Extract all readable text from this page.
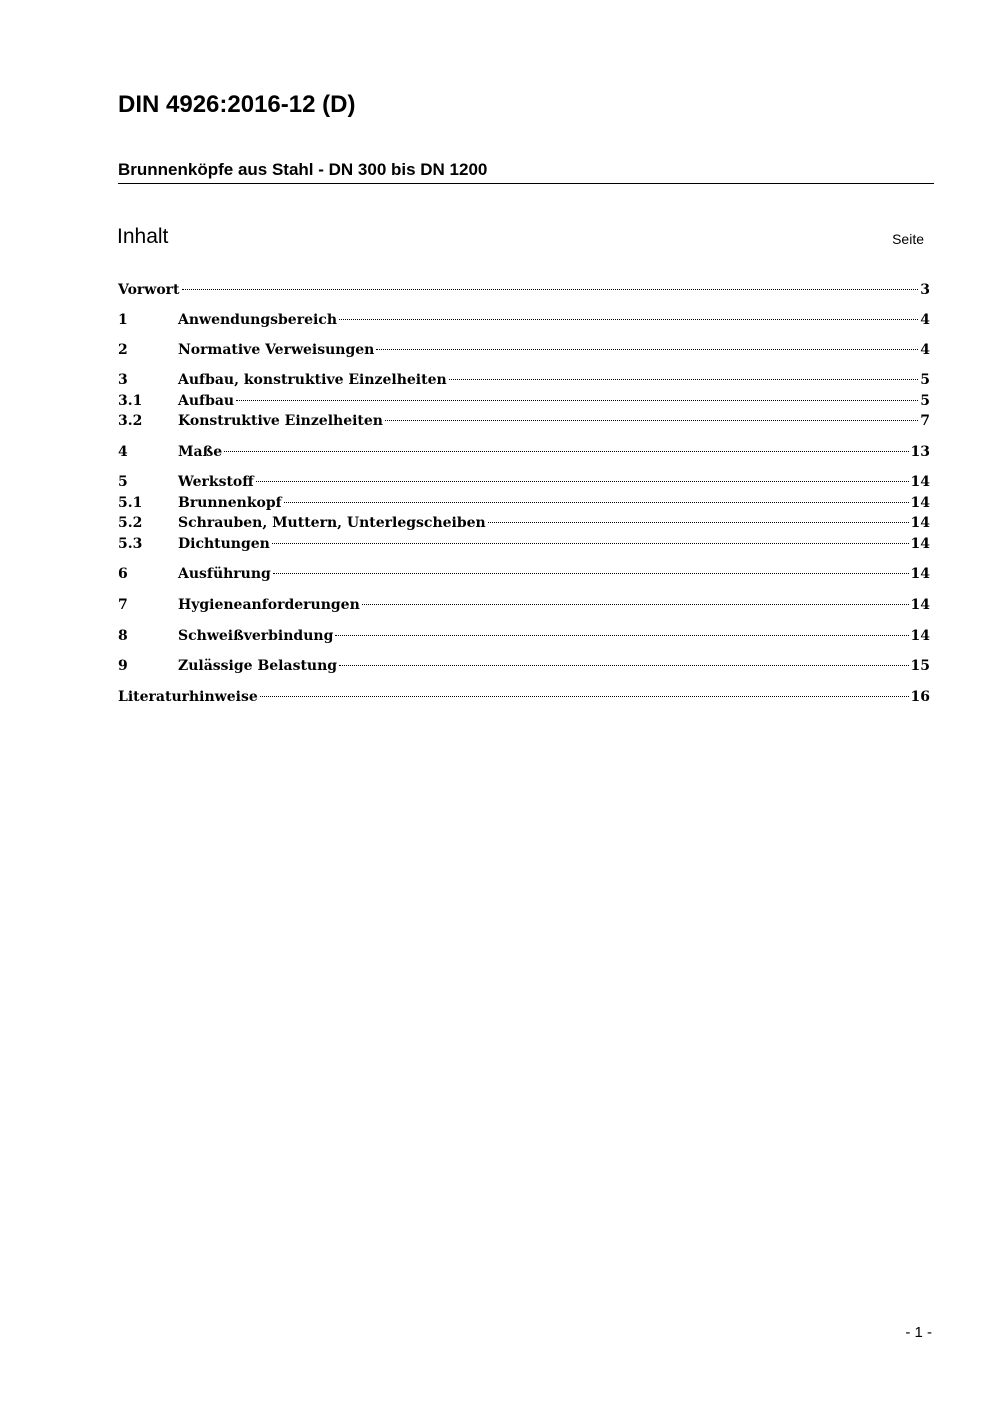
DIN 4926:2016-12 (D)
Brunnenköpfe aus Stahl - DN 300 bis DN 1200
Inhalt	Seite
Vorwort	3
1	Anwendungsbereich	4
2	Normative Verweisungen	4
3	Aufbau, konstruktive Einzelheiten	5
3.1	Aufbau	5
3.2	Konstruktive Einzelheiten	7
4	Maße	13
5	Werkstoff	14
5.1	Brunnenkopf	14
5.2	Schrauben, Muttern, Unterlegscheiben	14
5.3	Dichtungen	14
6	Ausführung	14
7	Hygieneanforderungen	14
8	Schweißverbindung	14
9	Zulässige Belastung	15
Literaturhinweise	16
- 1 -
